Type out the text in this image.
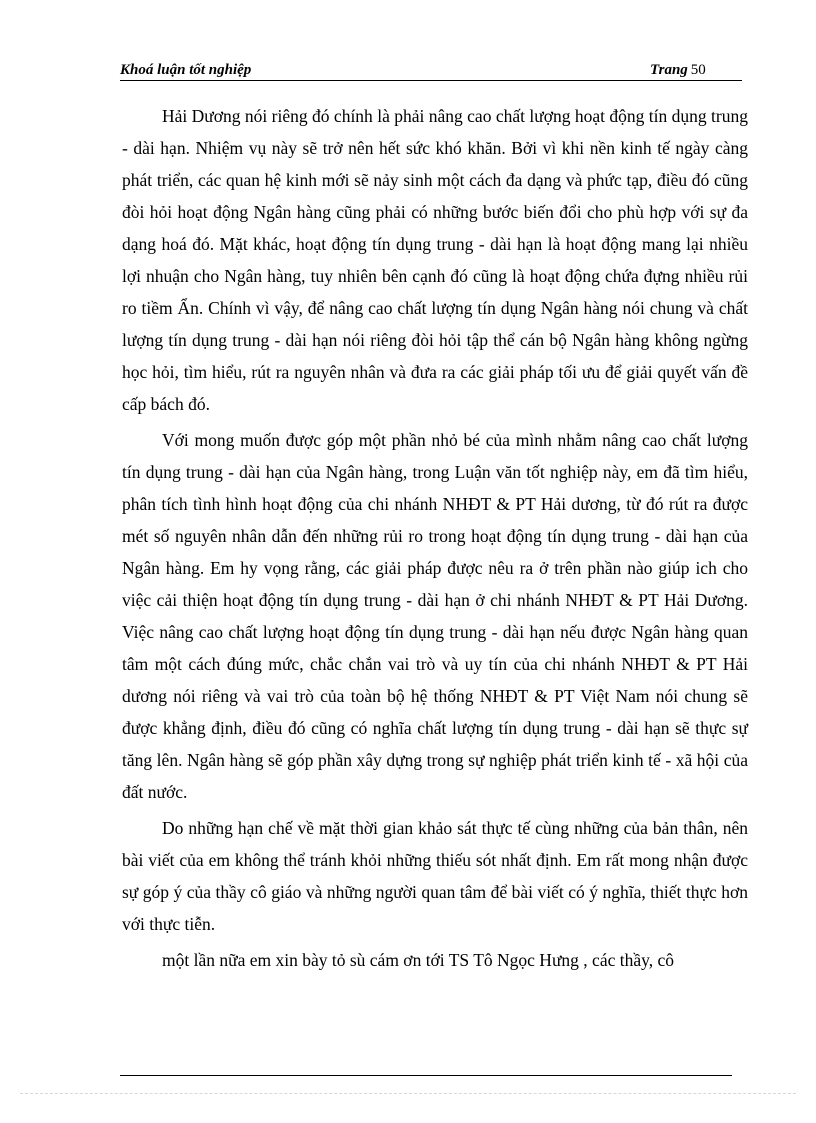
Khoá luận tốt nghiệp	Trang 50

Hải Dương nói riêng đó chính là phải nâng cao chất lượng hoạt động tín dụng trung - dài hạn. Nhiệm vụ này sẽ trở nên hết sức khó khăn. Bởi vì khi nền kinh tế ngày càng phát triển, các quan hệ kinh mới sẽ nảy sinh một cách đa dạng và phức tạp, điều đó cũng đòi hỏi hoạt động Ngân hàng cũng phải có những bước biến đổi cho phù hợp với sự đa dạng hoá đó. Mặt khác, hoạt động tín dụng trung - dài hạn là hoạt động mang lại nhiều lợi nhuận cho Ngân hàng, tuy nhiên bên cạnh đó cũng là hoạt động chứa đựng nhiều rủi ro tiềm Ẩn. Chính vì vậy, để nâng cao chất lượng tín dụng Ngân hàng nói chung và chất lượng tín dụng trung - dài hạn nói riêng đòi hỏi tập thể cán bộ Ngân hàng không ngừng học hỏi, tìm hiểu, rút ra nguyên nhân và đưa ra các giải pháp tối ưu để giải quyết vấn đề cấp bách đó.

Với mong muốn được góp một phần nhỏ bé của mình nhằm nâng cao chất lượng tín dụng trung - dài hạn của Ngân hàng, trong Luận văn tốt nghiệp này, em đã tìm hiểu, phân tích tình hình hoạt động của chi nhánh NHĐT & PT Hải dương, từ đó rút ra được mét số nguyên nhân dẫn đến những rủi ro trong hoạt động tín dụng trung - dài hạn của Ngân hàng. Em hy vọng rằng, các giải pháp được nêu ra ở trên phần nào giúp ich cho việc cải thiện hoạt động tín dụng trung - dài hạn ở chi nhánh NHĐT & PT Hải Dương. Việc nâng cao chất lượng hoạt động tín dụng trung - dài hạn nếu được Ngân hàng quan tâm một cách đúng mức, chắc chắn vai trò và uy tín của chi nhánh NHĐT & PT Hải dương nói riêng và vai trò của toàn bộ hệ thống NHĐT & PT Việt Nam nói chung sẽ được khẳng định, điều đó cũng có nghĩa chất lượng tín dụng trung - dài hạn sẽ thực sự tăng lên. Ngân hàng sẽ góp phần xây dựng trong sự nghiệp phát triển kinh tế - xã hội của đất nước.

Do những hạn chế về mặt thời gian khảo sát thực tế cùng những của bản thân, nên bài viết của em không thể tránh khỏi những thiếu sót nhất định. Em rất mong nhận được sự góp ý của thầy cô giáo và những người quan tâm để bài viết có ý nghĩa, thiết thực hơn với thực tiễn.

một lần nữa em xin bày tỏ sù cám ơn tới TS Tô Ngọc Hưng , các thầy, cô
